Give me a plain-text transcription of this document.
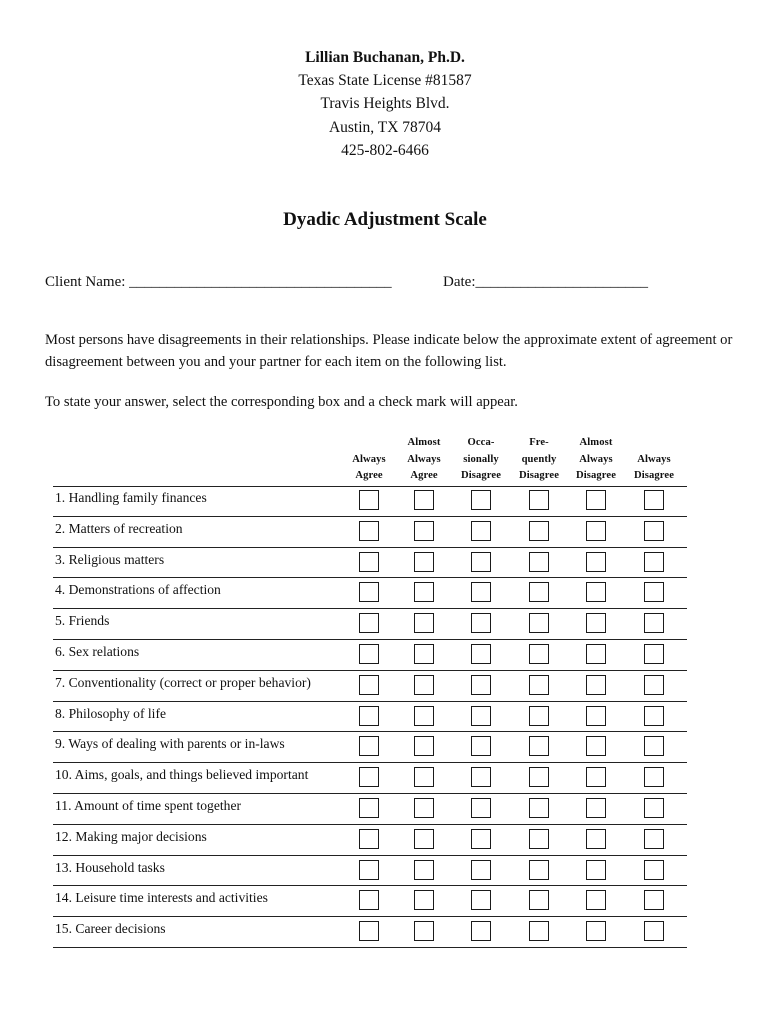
Lillian Buchanan, Ph.D.
Texas State License #81587
Travis Heights Blvd.
Austin, TX 78704
425-802-6466
Dyadic Adjustment Scale
Client Name: ___________________________________	Date:_______________________
Most persons have disagreements in their relationships. Please indicate below the approximate extent of agreement or disagreement between you and your partner for each item on the following list.
To state your answer, select the corresponding box and a check mark will appear.
Always
Agree
Almost
Always
Agree
Occa-
sionally
Disagree
Fre-
quently
Disagree
Almost
Always
Disagree
Always
Disagree
1. Handling family finances
2. Matters of recreation
3. Religious matters
4. Demonstrations of affection
5. Friends
6. Sex relations
7. Conventionality (correct or proper behavior)
8. Philosophy of life
9. Ways of dealing with parents or in-laws
10. Aims, goals, and things believed important
11. Amount of time spent together
12. Making major decisions
13. Household tasks
14. Leisure time interests and activities
15. Career decisions
